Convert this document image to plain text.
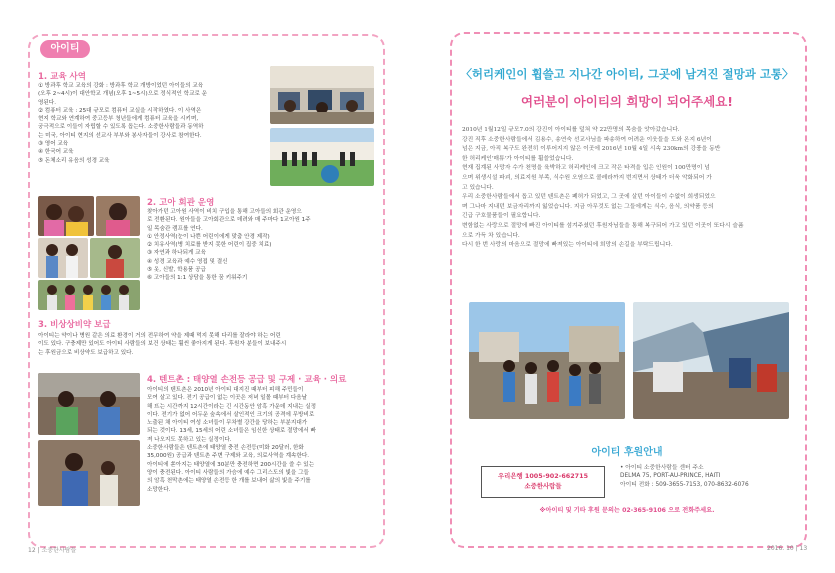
아이티
1. 교육 사역
① 방과후 학교 교육의 강화 : 방과후 학교 개방이었던 아이들의 교육
(오후 2~4시)이 대안학교 개념(오후 1~5시)으로 정식적인 학교로 운
영된다.
② 컴퓨터 교육 : 25대 규모로 컴퓨터 교실을 시작하였다. 이 사역은
현지 학교와 연계하여 중고등부 청년들에게 컴퓨터 교육을 시키며,
궁극적으로 이들이 자립할 수 있도록 돕는다. 소중한사람들과 동역하
는 미국, 아이티 현지의 선교사 부부와 봉사자들이 강사로 참여한다.
③ 영어 교육
④ 한국어 교육
⑤ 돈체소리 유음의 성경 교육
2. 고아 회관 운영
찾아가던 고아원 사역이 비치 구입을 통해 고아들의 회관 운영으
로 전환된다. 원아들을 고아회관으로 데려와 매 주마다 1교아원 1주
일 목숨관 캠프를 연다.
① 안정사역(눈이 나쁜 어린이에게 맞춤 안경 제작)
② 치유사역(병 치료를 받지 못한 어린이 집중 치료)
③ 자연과 하나되게 교육
④ 성경 교육과 예수 영접 및 결신
⑤ 옷, 신발, 학용품 공급
⑥ 고아들의 1:1 상담을 통한 꿈 키워주기
3. 비상상비약 보급
아이티는 약이나 병원 같은 의료 환경이 거의 전무하여 약을 제때 먹지 못해 다리를 잘라야 하는 어린
이도 있다. 구충제만 있어도 아이티 사람들의 보건 상태는 훨씬 좋아지게 된다. 후원자 분들이 보내주시
는 후원금으로 비상약도 보급하고 있다.
4. 텐트촌 : 태양열 손전등 공급 및 구제 · 교육 · 의료
아이티의 텐트촌은 2010년 아이티 대지진 때부터 피해 주민들이
모여 살고 있다. 전기 공급이 없는 이곳은 저녁 일몰 때부터 다음날
해 뜨는 시간까지 12시간이라는 긴 시간동안 암흑 가운데 지내는 실정
이다. 전기가 없어 어두운 숲속에서 살인적인 크기의 공격에 무방비로
노출된 채 아이티 여성 소녀들이 무차별 강간을 당하는 부분지대가
되는 것이다. 13세, 15세의 어린 소녀들은 임신한 상태로 절망에서 빠
져 나오지도 못하고 있는 실정이다.
소중한사람들은 텐트촌에 태양열 충전 손전등(미화 20달러, 한화
35,000원) 공급과 텐트촌 주변 구제와 교육, 의료사역을 계속한다.
아이티에 쏟아지는 태양열에 30분만 충전하면 200시간을 쓸 수 있는
양이 충전된다. 아이티 사람들의 가슴에 예수 그리스도의 빛을 그들
의 암흑 천막촌에는 태양열 손전등 한 개를 보내어 삶의 빛을 주기를
소망한다.
12 | 소중한사람들
〈허리케인이 휩쓸고 지나간 아이티, 그곳에 남겨진 절망과 고통〉
여러분이 아이티의 희망이 되어주세요!
2010년 1월12일 규모7.0의 강진이 아이티를 덮쳐 약 22만명의 목숨을 앗아갔습니다.
강진 직후 소중한사람들에서 김용수, 송연숙 선교사님을 파송하여 어려운 이웃들을 도와 온지 6년이
넘은 지금, 아직 복구도 완전히 이루어지지 않은 이곳에 2016년 10월 4일 시속 230km의 강풍을 동반
한 허리케인'매튜'가 아이티를 휩쓸었습니다.
현재 집계된 사망자 수가 천명을 육박하고 허리케인에 크고 작은 타격을 입은 인원이 100만명이 넘
으며 위생시설 파괴, 의료지원 부족, 식수원 오염으로 콜레라까지 번지면서 상태가 더욱 악화되어 가
고 있습니다.
우리 소중한사람들에서 돕고 있던 텐트촌은 폐허가 되었고, 그 곳에 살던 아이들이 수없이 희생되었으
며 그나마 지내던 보금자리까지 잃었습니다. 지금 아무것도 없는 그들에게는 식수, 음식, 의약품 등의
긴급 구호물품들이 필요합니다.
변함없는 사랑으로 절망에 빠진 아이티를 섬겨주셨던 후원자님들을 통해 복구되어 가고 있던 이곳이 또다시 슬픔
으로 가득 차 있습니다.
다시 한 번 사랑의 마음으로 절망에 빠져있는 아이티에 희망의 손길을 부탁드립니다.
아이티 후원안내
우리은행 1005-902-662715
소중한사람들
• 아이티 소중한사람들 센터 주소
DELMA 75, PORT-AU-PRINCE, HAITI
아이티 전화 : 509-3655-7153, 070-8632-6076
※아이티 및 기타 후원 문의는 02-365-9106 으로 전화주세요.
2016. 10 | 13
